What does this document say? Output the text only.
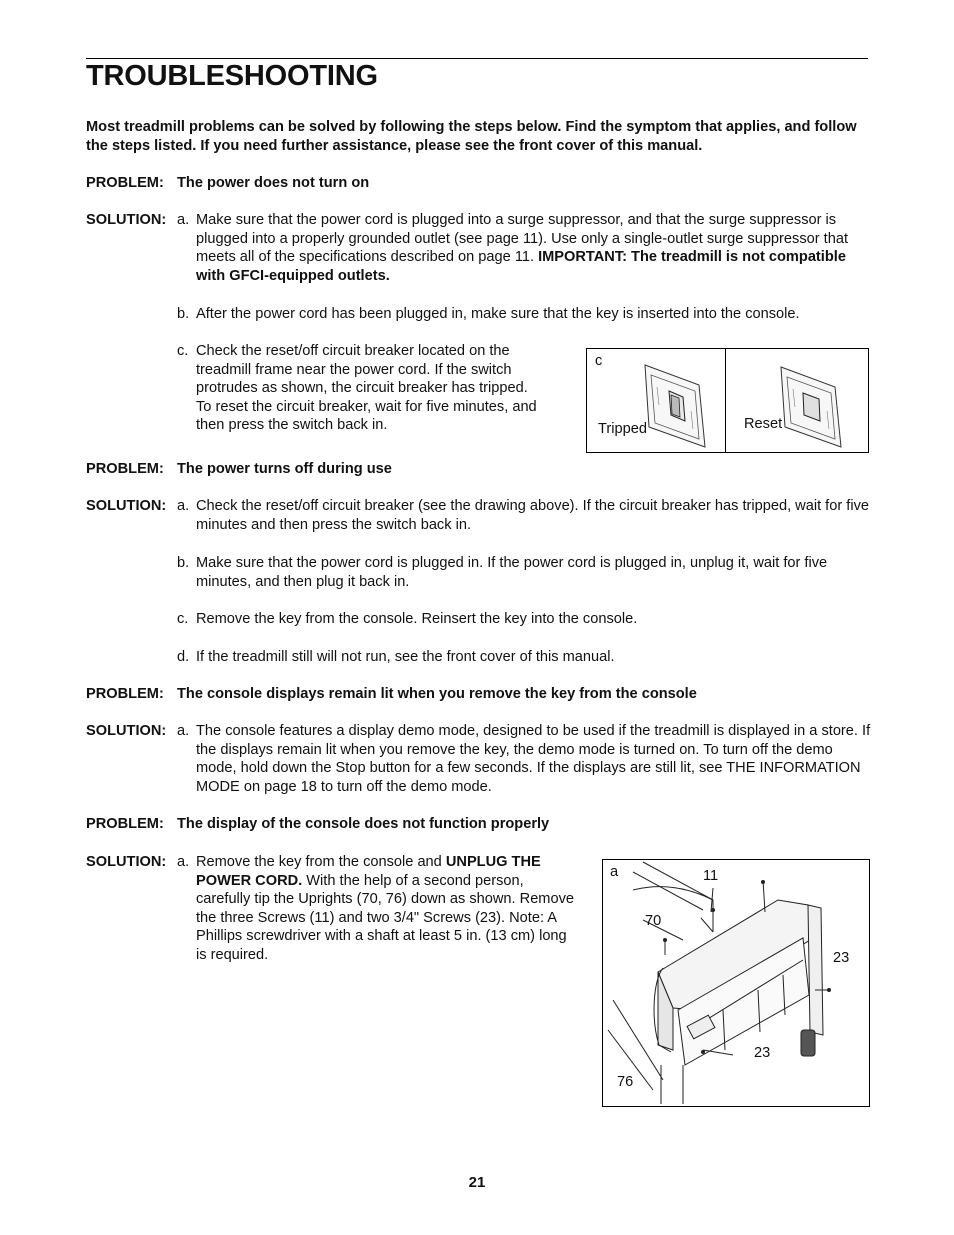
TROUBLESHOOTING
Most treadmill problems can be solved by following the steps below. Find the symptom that applies, and follow the steps listed. If you need further assistance, please see the front cover of this manual.
PROBLEM: The power does not turn on
SOLUTION: a. Make sure that the power cord is plugged into a surge suppressor, and that the surge suppressor is plugged into a properly grounded outlet (see page 11). Use only a single-outlet surge suppressor that meets all of the specifications described on page 11. IMPORTANT: The treadmill is not compatible with GFCI-equipped outlets.
b. After the power cord has been plugged in, make sure that the key is inserted into the console.
c. Check the reset/off circuit breaker located on the treadmill frame near the power cord. If the switch protrudes as shown, the circuit breaker has tripped. To reset the circuit breaker, wait for five minutes, and then press the switch back in.
c
Tripped	Reset
PROBLEM: The power turns off during use
SOLUTION: a. Check the reset/off circuit breaker (see the drawing above). If the circuit breaker has tripped, wait for five minutes and then press the switch back in.
b. Make sure that the power cord is plugged in. If the power cord is plugged in, unplug it, wait for five minutes, and then plug it back in.
c. Remove the key from the console. Reinsert the key into the console.
d. If the treadmill still will not run, see the front cover of this manual.
PROBLEM: The console displays remain lit when you remove the key from the console
SOLUTION: a. The console features a display demo mode, designed to be used if the treadmill is displayed in a store. If the displays remain lit when you remove the key, the demo mode is turned on. To turn off the demo mode, hold down the Stop button for a few seconds. If the displays are still lit, see THE INFORMATION MODE on page 18 to turn off the demo mode.
PROBLEM: The display of the console does not function properly
SOLUTION: a. Remove the key from the console and UNPLUG THE POWER CORD. With the help of a second person, carefully tip the Uprights (70, 76) down as shown. Remove the three Screws (11) and two 3/4" Screws (23). Note: A Phillips screwdriver with a shaft at least 5 in. (13 cm) long is required.
a	11
70
23
23
76
21
